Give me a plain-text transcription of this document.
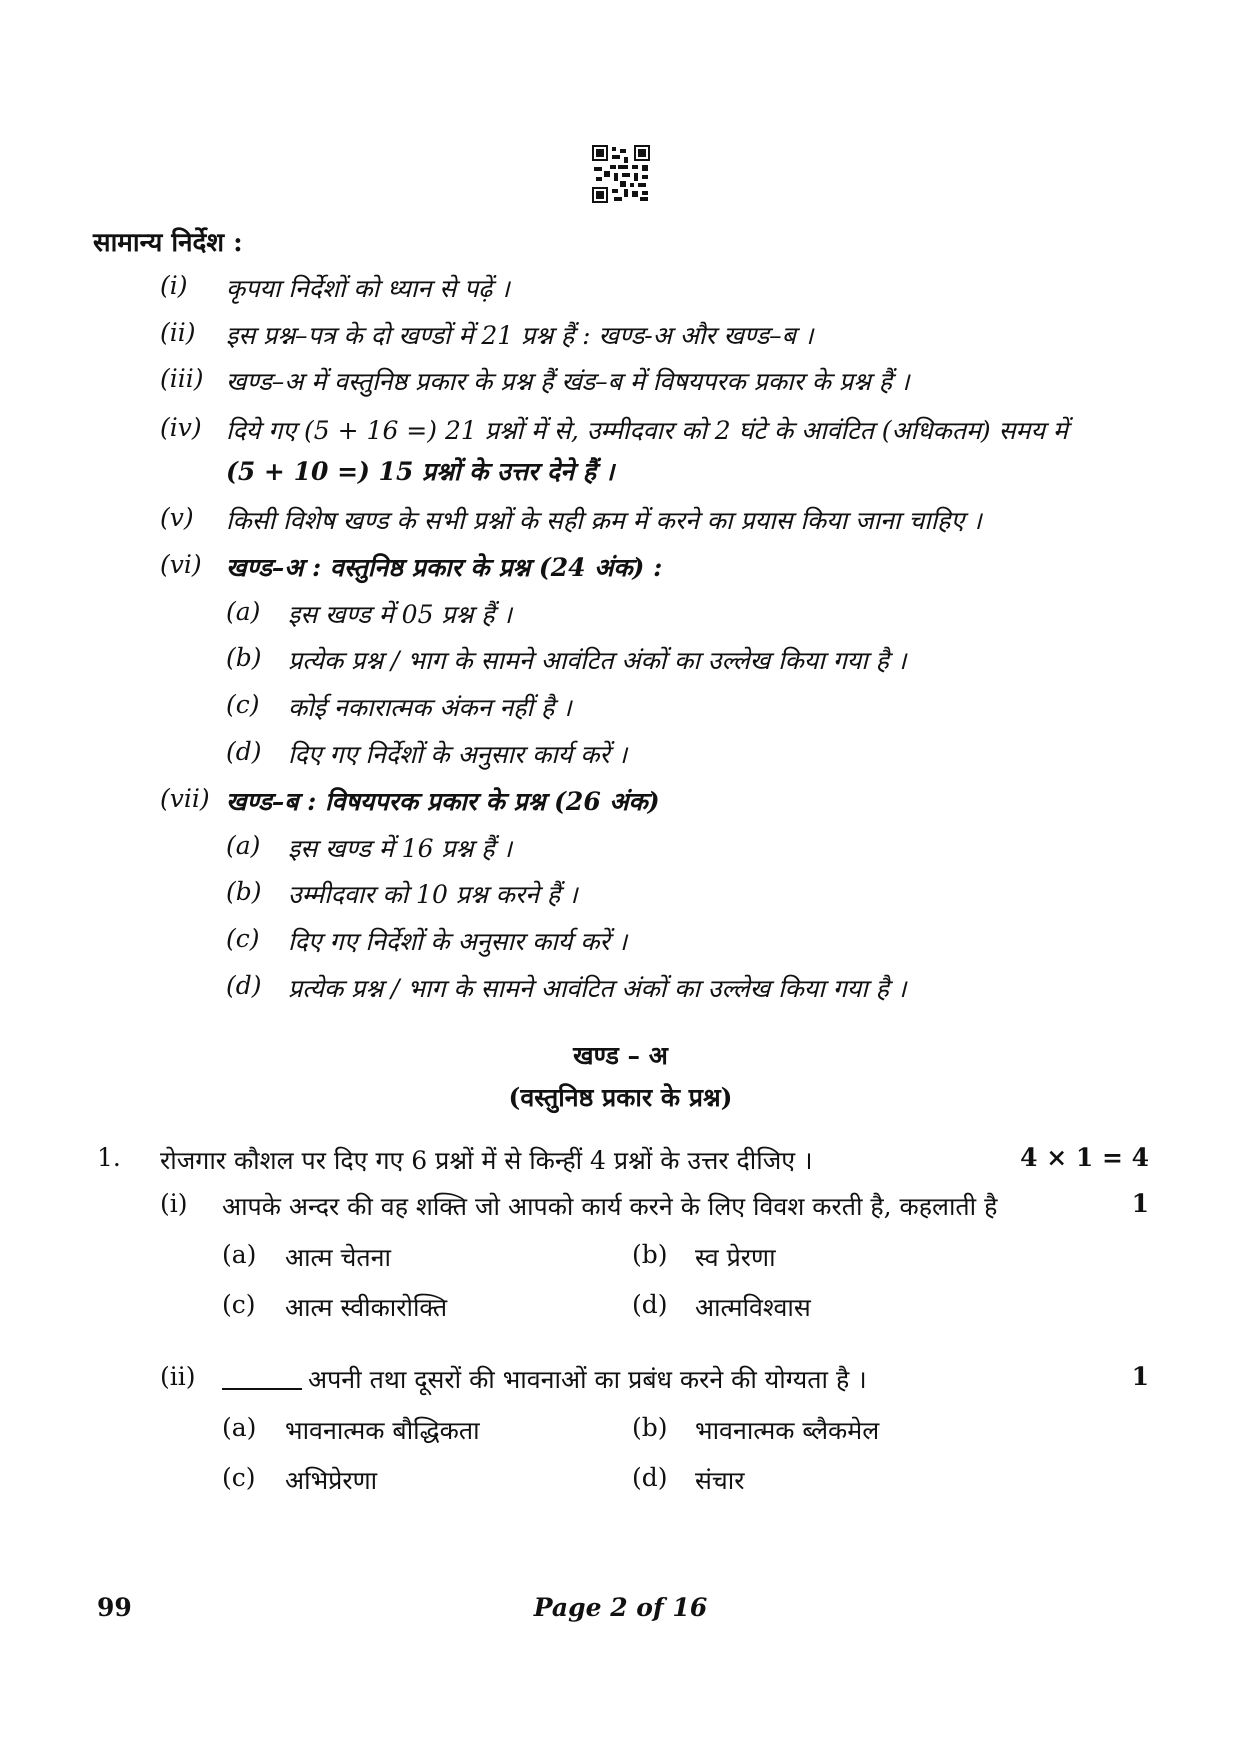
सामान्य निर्देश :
(i) कृपया निर्देशों को ध्यान से पढ़ें ।
(ii) इस प्रश्न–पत्र के दो खण्डों में 21 प्रश्न हैं : खण्ड-अ और खण्ड–ब ।
(iii) खण्ड–अ में वस्तुनिष्ठ प्रकार के प्रश्न हैं खंड–ब में विषयपरक प्रकार के प्रश्न हैं ।
(iv) दिये गए (5 + 16 =) 21 प्रश्नों में से, उम्मीदवार को 2 घंटे के आवंटित (अधिकतम) समय में
(5 + 10 =) 15 प्रश्नों के उत्तर देने हैं ।
(v) किसी विशेष खण्ड के सभी प्रश्नों के सही क्रम में करने का प्रयास किया जाना चाहिए ।
(vi) खण्ड–अ : वस्तुनिष्ठ प्रकार के प्रश्न (24 अंक) :
(a) इस खण्ड में 05 प्रश्न हैं ।
(b) प्रत्येक प्रश्न / भाग के सामने आवंटित अंकों का उल्लेख किया गया है ।
(c) कोई नकारात्मक अंकन नहीं है ।
(d) दिए गए निर्देशों के अनुसार कार्य करें ।
(vii) खण्ड–ब : विषयपरक प्रकार के प्रश्न (26 अंक)
(a) इस खण्ड में 16 प्रश्न हैं ।
(b) उम्मीदवार को 10 प्रश्न करने हैं ।
(c) दिए गए निर्देशों के अनुसार कार्य करें ।
(d) प्रत्येक प्रश्न / भाग के सामने आवंटित अंकों का उल्लेख किया गया है ।
खण्ड – अ
(वस्तुनिष्ठ प्रकार के प्रश्न)
1. रोजगार कौशल पर दिए गए 6 प्रश्नों में से किन्हीं 4 प्रश्नों के उत्तर दीजिए ।	4 × 1 = 4
(i) आपके अन्दर की वह शक्ति जो आपको कार्य करने के लिए विवश करती है, कहलाती है	1
(a) आत्म चेतना	(b) स्व प्रेरणा
(c) आत्म स्वीकारोक्ति	(d) आत्मविश्वास
(ii)	अपनी तथा दूसरों की भावनाओं का प्रबंध करने की योग्यता है ।	1
(a) भावनात्मक बौद्धिकता	(b) भावनात्मक ब्लैकमेल
(c) अभिप्रेरणा	(d) संचार
99	Page 2 of 16
